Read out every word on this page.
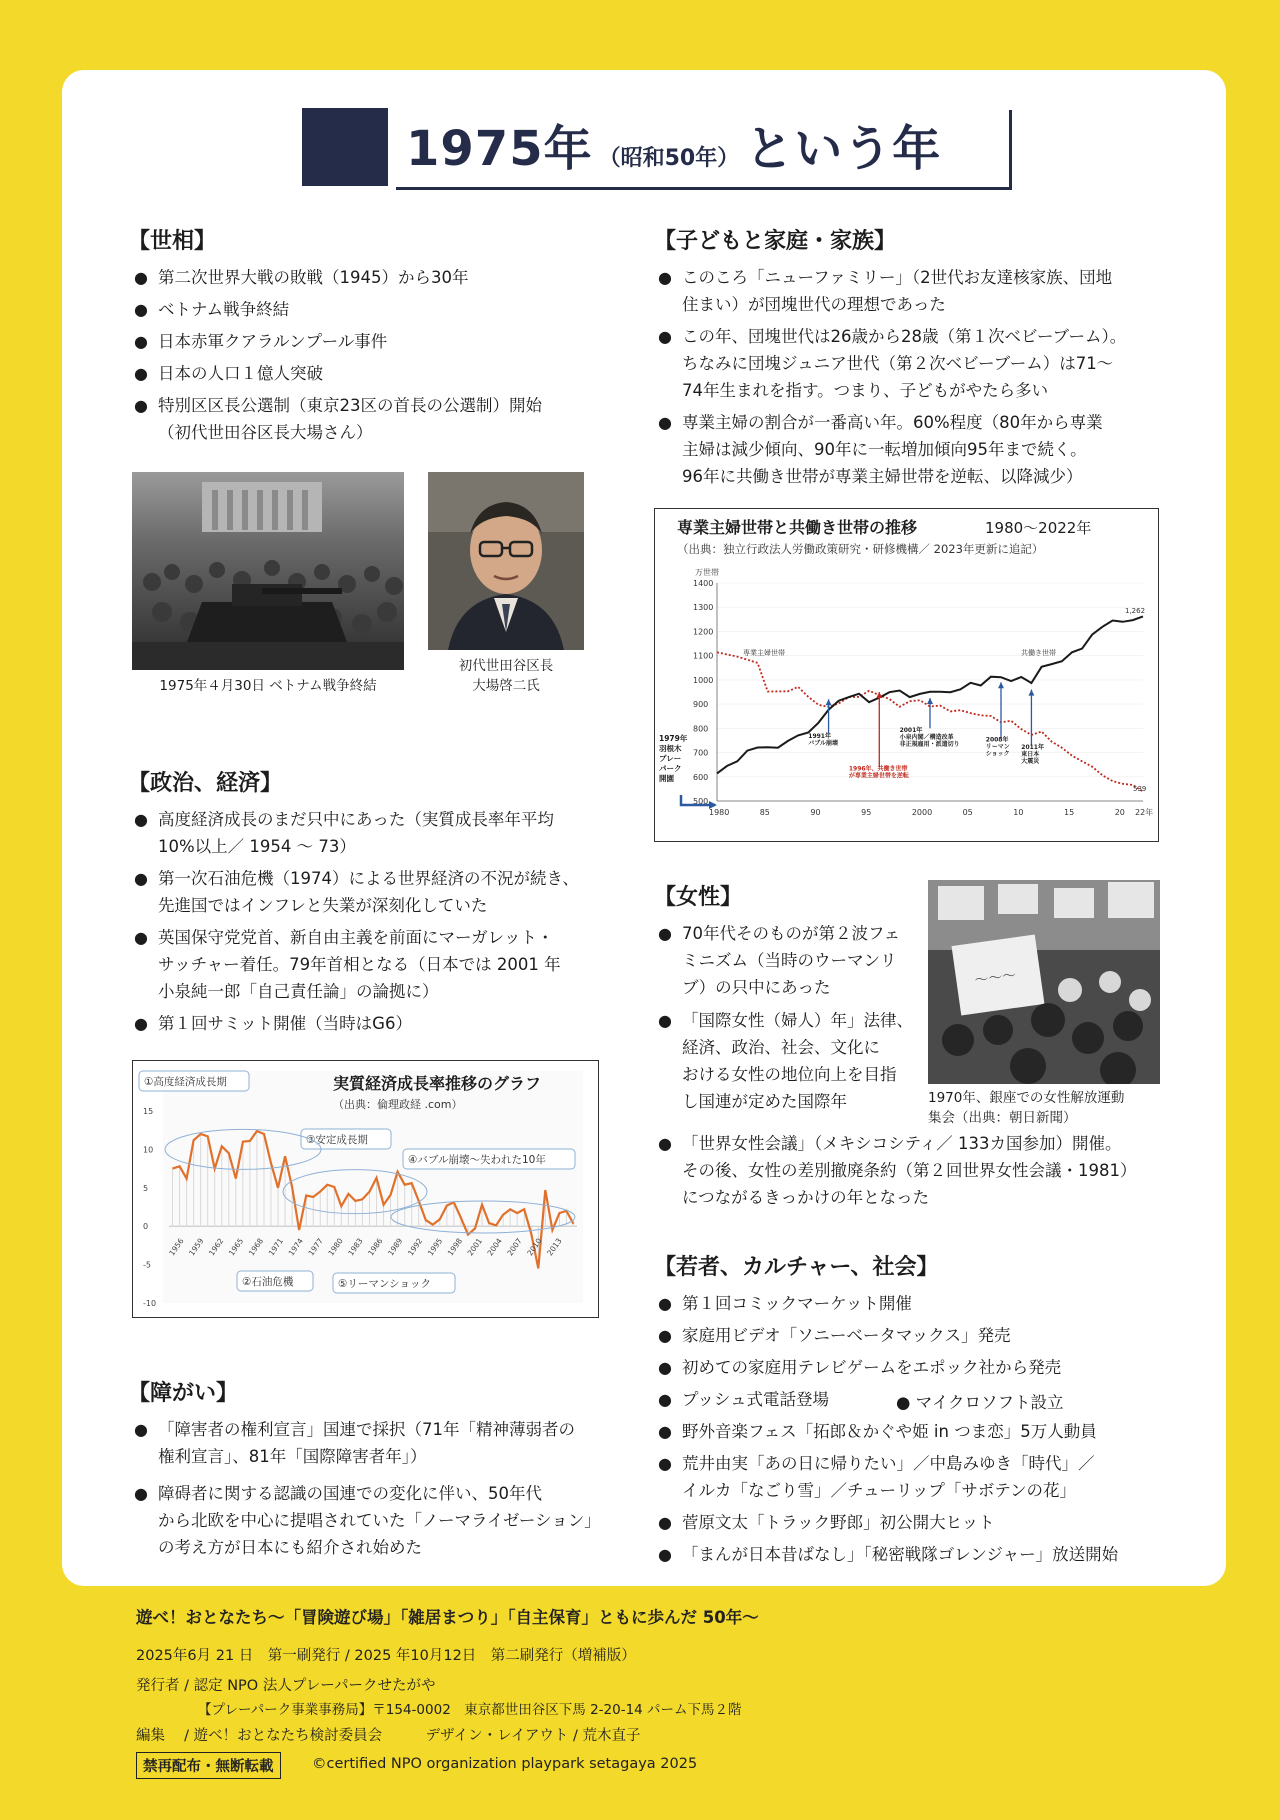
1975年 （昭和50年） という年
【世相】
● 第二次世界大戦の敗戦（1945）から30年
● ベトナム戦争終結
● 日本赤軍クアラルンプール事件
● 日本の人口１億人突破
● 特別区区長公選制（東京23区の首長の公選制）開始
（初代世田谷区長大場さん）
1975年４月30日 ベトナム戦争終結
初代世田谷区長
大場啓二氏
【政治、経済】
● 高度経済成長のまだ只中にあった（実質成長率年平均
10%以上／ 1954 ～ 73）
● 第一次石油危機（1974）による世界経済の不況が続き、
先進国ではインフレと失業が深刻化していた
● 英国保守党党首、新自由主義を前面にマーガレット・
サッチャー着任。79年首相となる（日本では 2001 年
小泉純一郎「自己責任論」の論拠に）
● 第１回サミット開催（当時はG6）
実質経済成長率推移のグラフ
（出典：倫理政経 .com）
15
10
5
0
-5
-10
1956 1959 1962 1965 1968 1971 1974 1977 1980 1983 1986 1989 1992 1995 1998 2001 2004 2007 2010 2013
①高度経済成長期
③安定成長期
④バブル崩壊～失われた10年
②石油危機	⑤リーマンショック
【障がい】
● 「障害者の権利宣言」国連で採択（71年「精神薄弱者の
権利宣言」、81年「国際障害者年」）
● 障碍者に関する認識の国連での変化に伴い、50年代
から北欧を中心に提唱されていた「ノーマライゼーション」
の考え方が日本にも紹介され始めた
【子どもと家庭・家族】
● このころ「ニューファミリー」（2世代お友達核家族、団地
住まい）が団塊世代の理想であった
● この年、団塊世代は26歳から28歳（第１次ベビーブーム）。
ちなみに団塊ジュニア世代（第２次ベビーブーム）は71～
74年生まれを指す。つまり、子どもがやたら多い
● 専業主婦の割合が一番高い年。60%程度（80年から専業
主婦は減少傾向、90年に一転増加傾向95年まで続く。
96年に共働き世帯が専業主婦世帯を逆転、以降減少）
専業主婦世帯と共働き世帯の推移	1980～2022年
（出典：独立行政法人労働政策研究・研修機構／ 2023年更新に追記）
万世帯
1400
1300
1200
1100
1000
900
800
700
600
500
1980	85	90	95	2000	05	10	15	20 22年
専業主婦世帯	共働き世帯
1,262
539
1991年バブル崩壊
1996年、共働き世帯が専業主婦世帯を逆転
2001年小泉内閣／構造改革非正規雇用・派遣切り
2008年リーマンショック
2011年東日本大震災
1979年
羽根木
プレー
パーク
開園
【女性】
● 70年代そのものが第２波フェ
ミニズム（当時のウーマンリ
ブ）の只中にあった
● 「国際女性（婦人）年」法律、
経済、政治、社会、文化に
おける女性の地位向上を目指
し国連が定めた国際年
● 「世界女性会議」（メキシコシティ／ 133カ国参加）開催。
その後、女性の差別撤廃条約（第２回世界女性会議・1981）
につながるきっかけの年となった
〜〜〜
1970年、銀座での女性解放運動
集会（出典：朝日新聞）
【若者、カルチャー、社会】
● 第１回コミックマーケット開催
● 家庭用ビデオ「ソニーベータマックス」発売
● 初めての家庭用テレビゲームをエポック社から発売
● プッシュ式電話登場
● 野外音楽フェス「拓郎＆かぐや姫 in つま恋」5万人動員
● 荒井由実「あの日に帰りたい」／中島みゆき「時代」／
イルカ「なごり雪」／チューリップ「サボテンの花」
● 菅原文太「トラック野郎」初公開大ヒット
● 「まんが日本昔ばなし」「秘密戦隊ゴレンジャー」放送開始
● マイクロソフト設立
遊べ！おとなたち～「冒険遊び場」「雑居まつり」「自主保育」ともに歩んだ 50年～
2025年6月 21 日　第一刷発行 / 2025 年10月12日　第二刷発行（増補版）
発行者 / 認定 NPO 法人プレーパークせたがや
【プレーパーク事業事務局】〒154-0002　東京都世田谷区下馬 2-20-14 パーム下馬２階
編集　 / 遊べ！おとなたち検討委員会　　　デザイン・レイアウト / 荒木直子
禁再配布・無断転載	©certified NPO organization playpark setagaya 2025
